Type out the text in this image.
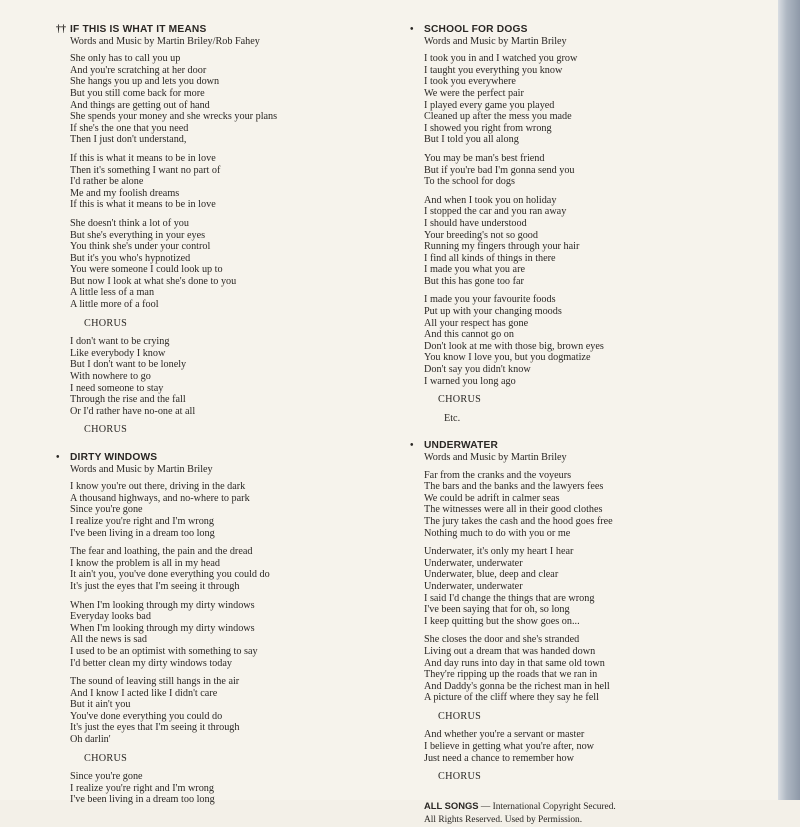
†† IF THIS IS WHAT IT MEANS
Words and Music by Martin Briley/Rob Fahey
She only has to call you up
And you're scratching at her door
She hangs you up and lets you down
But you still come back for more
And things are getting out of hand
She spends your money and she wrecks your plans
If she's the one that you need
Then I just don't understand,
If this is what it means to be in love
Then it's something I want no part of
I'd rather be alone
Me and my foolish dreams
If this is what it means to be in love
She doesn't think a lot of you
But she's everything in your eyes
You think she's under your control
But it's you who's hypnotized
You were someone I could look up to
But now I look at what she's done to you
A little less of a man
A little more of a fool
CHORUS
I don't want to be crying
Like everybody I know
But I don't want to be lonely
With nowhere to go
I need someone to stay
Through the rise and the fall
Or I'd rather have no-one at all
CHORUS
• DIRTY WINDOWS
Words and Music by Martin Briley
I know you're out there, driving in the dark
A thousand highways, and no-where to park
Since you're gone
I realize you're right and I'm wrong
I've been living in a dream too long
The fear and loathing, the pain and the dread
I know the problem is all in my head
It ain't you, you've done everything you could do
It's just the eyes that I'm seeing it through
When I'm looking through my dirty windows
Everyday looks bad
When I'm looking through my dirty windows
All the news is sad
I used to be an optimist with something to say
I'd better clean my dirty windows today
The sound of leaving still hangs in the air
And I know I acted like I didn't care
But it ain't you
You've done everything you could do
It's just the eyes that I'm seeing it through
Oh darlin'
CHORUS
Since you're gone
I realize you're right and I'm wrong
I've been living in a dream too long
• SCHOOL FOR DOGS
Words and Music by Martin Briley
I took you in and I watched you grow
I taught you everything you know
I took you everywhere
We were the perfect pair
I played every game you played
Cleaned up after the mess you made
I showed you right from wrong
But I told you all along
You may be man's best friend
But if you're bad I'm gonna send you
To the school for dogs
And when I took you on holiday
I stopped the car and you ran away
I should have understood
Your breeding's not so good
Running my fingers through your hair
I find all kinds of things in there
I made you what you are
But this has gone too far
I made you your favourite foods
Put up with your changing moods
All your respect has gone
And this cannot go on
Don't look at me with those big, brown eyes
You know I love you, but you dogmatize
Don't say you didn't know
I warned you long ago
CHORUS
Etc.
• UNDERWATER
Words and Music by Martin Briley
Far from the cranks and the voyeurs
The bars and the banks and the lawyers fees
We could be adrift in calmer seas
The witnesses were all in their good clothes
The jury takes the cash and the hood goes free
Nothing much to do with you or me
Underwater, it's only my heart I hear
Underwater, underwater
Underwater, blue, deep and clear
Underwater, underwater
I said I'd change the things that are wrong
I've been saying that for oh, so long
I keep quitting but the show goes on...
She closes the door and she's stranded
Living out a dream that was handed down
And day runs into day in that same old town
They're ripping up the roads that we ran in
And Daddy's gonna be the richest man in hell
A picture of the cliff where they say he fell
CHORUS
And whether you're a servant or master
I believe in getting what you're after, now
Just need a chance to remember how
CHORUS
ALL SONGS — International Copyright Secured.
All Rights Reserved. Used by Permission.
